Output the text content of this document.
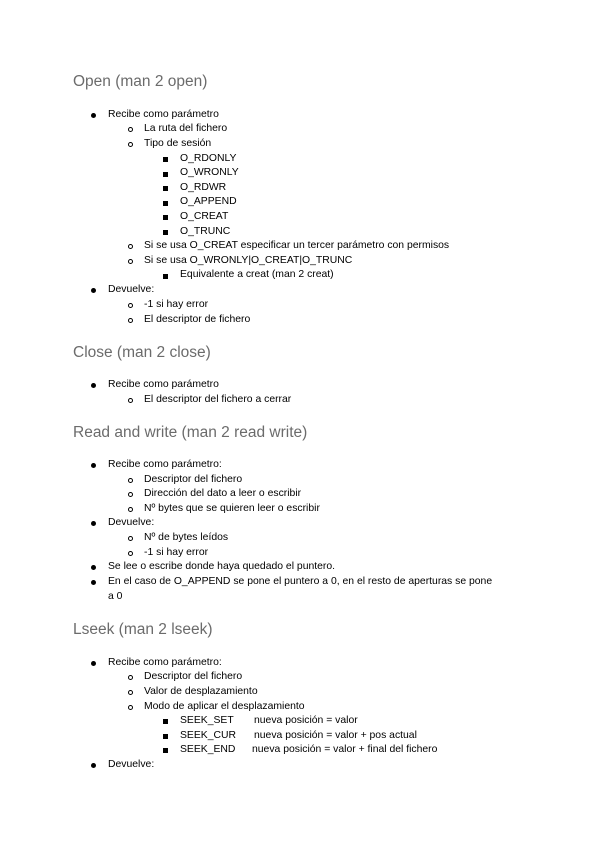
Open (man 2 open)
Recibe como parámetro
La ruta del fichero
Tipo de sesión
O_RDONLY
O_WRONLY
O_RDWR
O_APPEND
O_CREAT
O_TRUNC
Si se usa O_CREAT especificar un tercer parámetro con permisos
Si se usa O_WRONLY|O_CREAT|O_TRUNC
Equivalente a creat (man 2 creat)
Devuelve:
-1 si hay error
El descriptor de fichero
Close (man 2 close)
Recibe como parámetro
El descriptor del fichero a cerrar
Read and write (man 2 read write)
Recibe como parámetro:
Descriptor del fichero
Dirección del dato a leer o escribir
Nº bytes que se quieren leer o escribir
Devuelve:
Nº de bytes leídos
-1 si hay error
Se lee o escribe donde haya quedado el puntero.
En el caso de O_APPEND se pone el puntero a 0, en el resto de aperturas se pone
a 0
Lseek (man 2 lseek)
Recibe como parámetro:
Descriptor del fichero
Valor de desplazamiento
Modo de aplicar el desplazamiento
SEEK_SET nueva posición = valor
SEEK_CUR nueva posición = valor + pos actual
SEEK_END nueva posición = valor + final del fichero
Devuelve:
